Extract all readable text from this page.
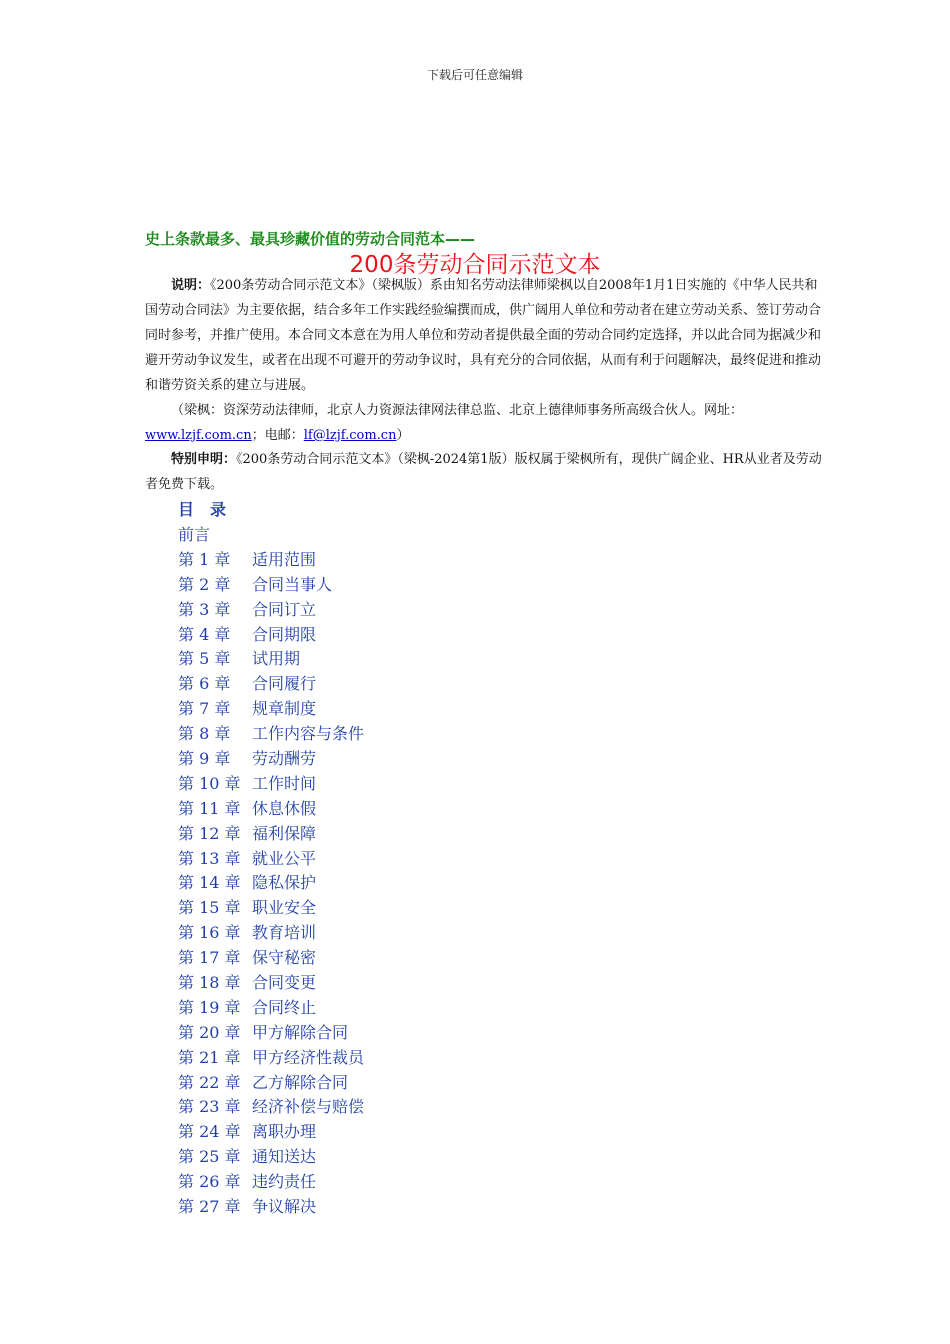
下载后可任意编辑
史上条款最多、最具珍藏价值的劳动合同范本——
200条劳动合同示范文本
说明：《200条劳动合同示范文本》（梁枫版）系由知名劳动法律师梁枫以自2008年1月1日实施的《中华人民共和国劳动合同法》为主要依据，结合多年工作实践经验编撰而成，供广阔用人单位和劳动者在建立劳动关系、签订劳动合同时参考，并推广使用。本合同文本意在为用人单位和劳动者提供最全面的劳动合同约定选择，并以此合同为据减少和避开劳动争议发生，或者在出现不可避开的劳动争议时，具有充分的合同依据，从而有利于问题解决，最终促进和推动和谐劳资关系的建立与进展。
（梁枫：资深劳动法律师，北京人力资源法律网法律总监、北京上德律师事务所高级合伙人。网址：www.lzjf.com.cn；电邮：lf@lzjf.com.cn）
特别申明：《200条劳动合同示范文本》（梁枫-2024第1版）版权属于梁枫所有，现供广阔企业、HR从业者及劳动者免费下载。
目　录
前言
第 1 章 适用范围
第 2 章 合同当事人
第 3 章 合同订立
第 4 章 合同期限
第 5 章 试用期
第 6 章 合同履行
第 7 章 规章制度
第 8 章 工作内容与条件
第 9 章 劳动酬劳
第 10 章 工作时间
第 11 章 休息休假
第 12 章 福利保障
第 13 章 就业公平
第 14 章 隐私保护
第 15 章 职业安全
第 16 章 教育培训
第 17 章 保守秘密
第 18 章 合同变更
第 19 章 合同终止
第 20 章 甲方解除合同
第 21 章 甲方经济性裁员
第 22 章 乙方解除合同
第 23 章 经济补偿与赔偿
第 24 章 离职办理
第 25 章 通知送达
第 26 章 违约责任
第 27 章 争议解决
